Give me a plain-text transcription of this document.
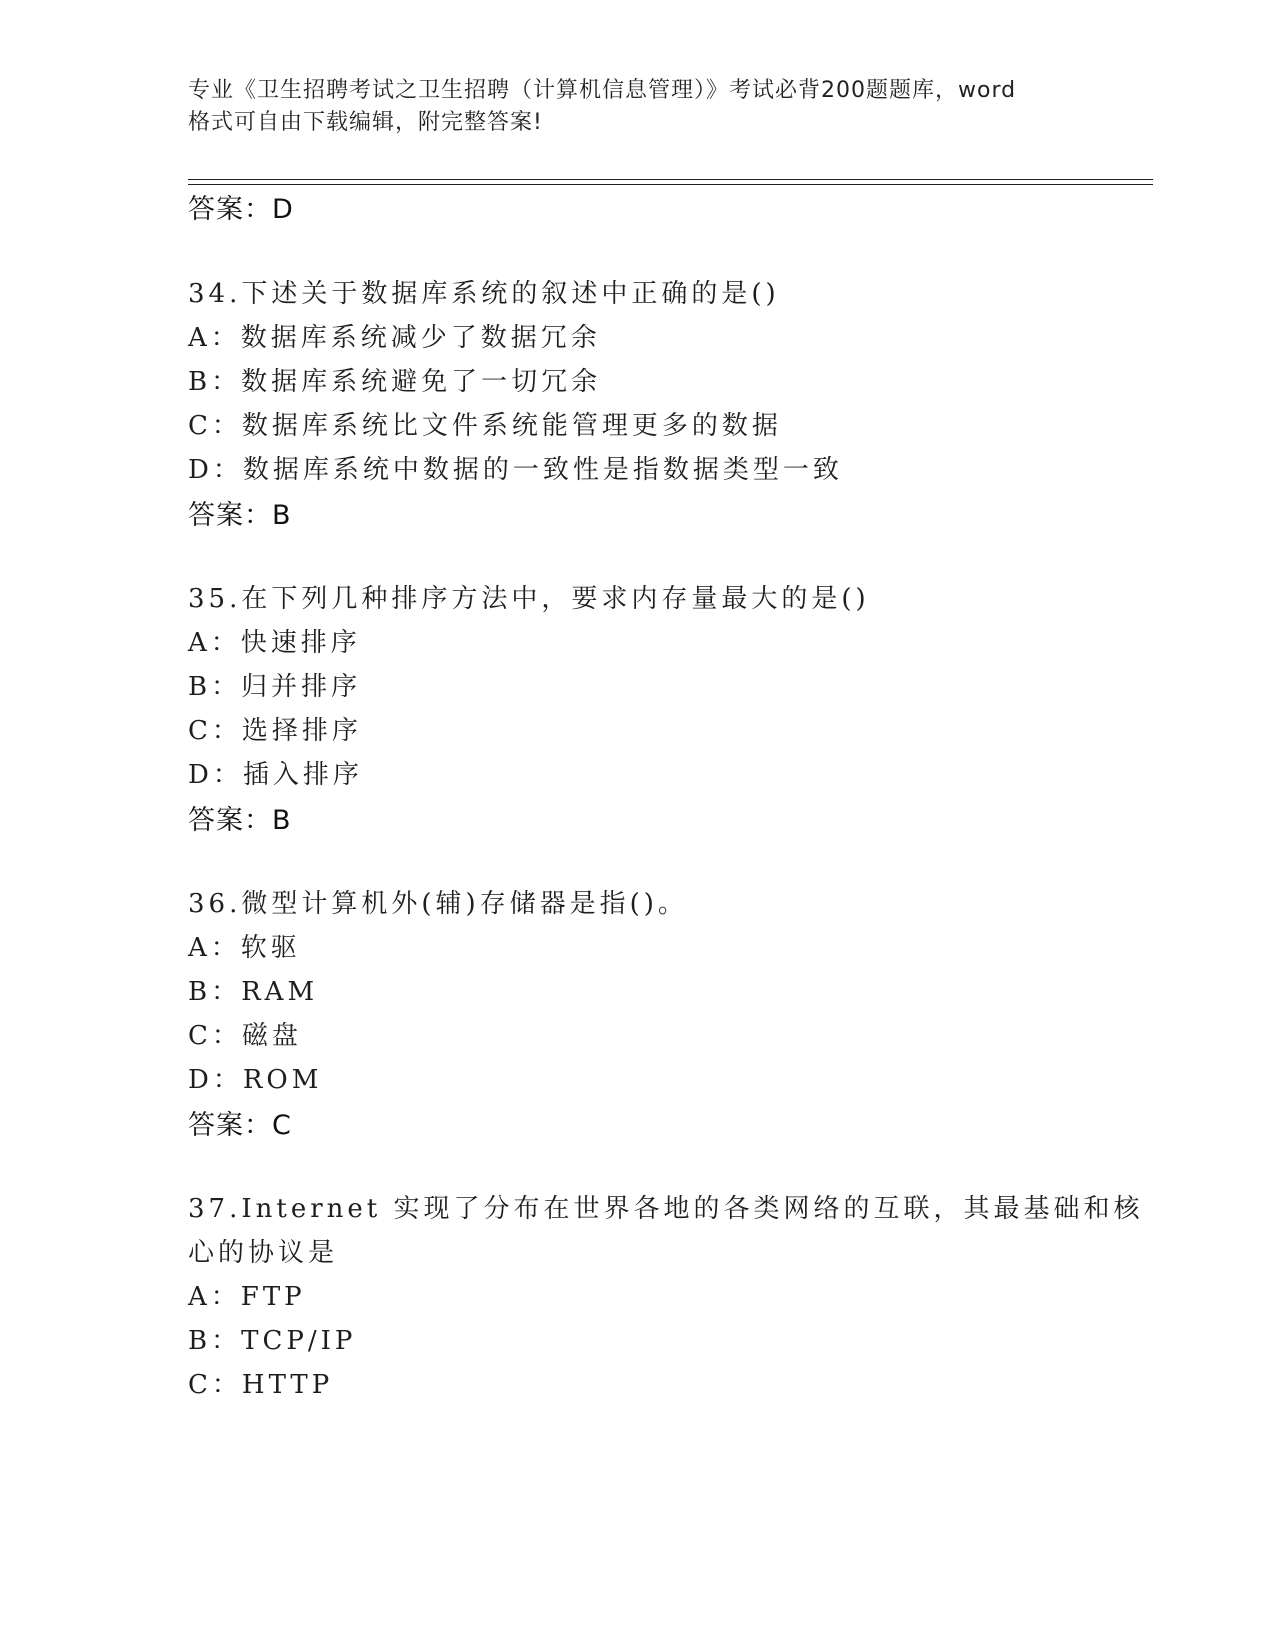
专业《卫生招聘考试之卫生招聘（计算机信息管理）》考试必背200题题库，word
格式可自由下载编辑，附完整答案!
答案：D
34.下述关于数据库系统的叙述中正确的是()
A：数据库系统减少了数据冗余
B：数据库系统避免了一切冗余
C：数据库系统比文件系统能管理更多的数据
D：数据库系统中数据的一致性是指数据类型一致
答案：B
35.在下列几种排序方法中，要求内存量最大的是()
A：快速排序
B：归并排序
C：选择排序
D：插入排序
答案：B
36.微型计算机外(辅)存储器是指()。
A：软驱
B：RAM
C：磁盘
D：ROM
答案：C
37.Internet 实现了分布在世界各地的各类网络的互联，其最基础和核
心的协议是
A：FTP
B：TCP/IP
C：HTTP
